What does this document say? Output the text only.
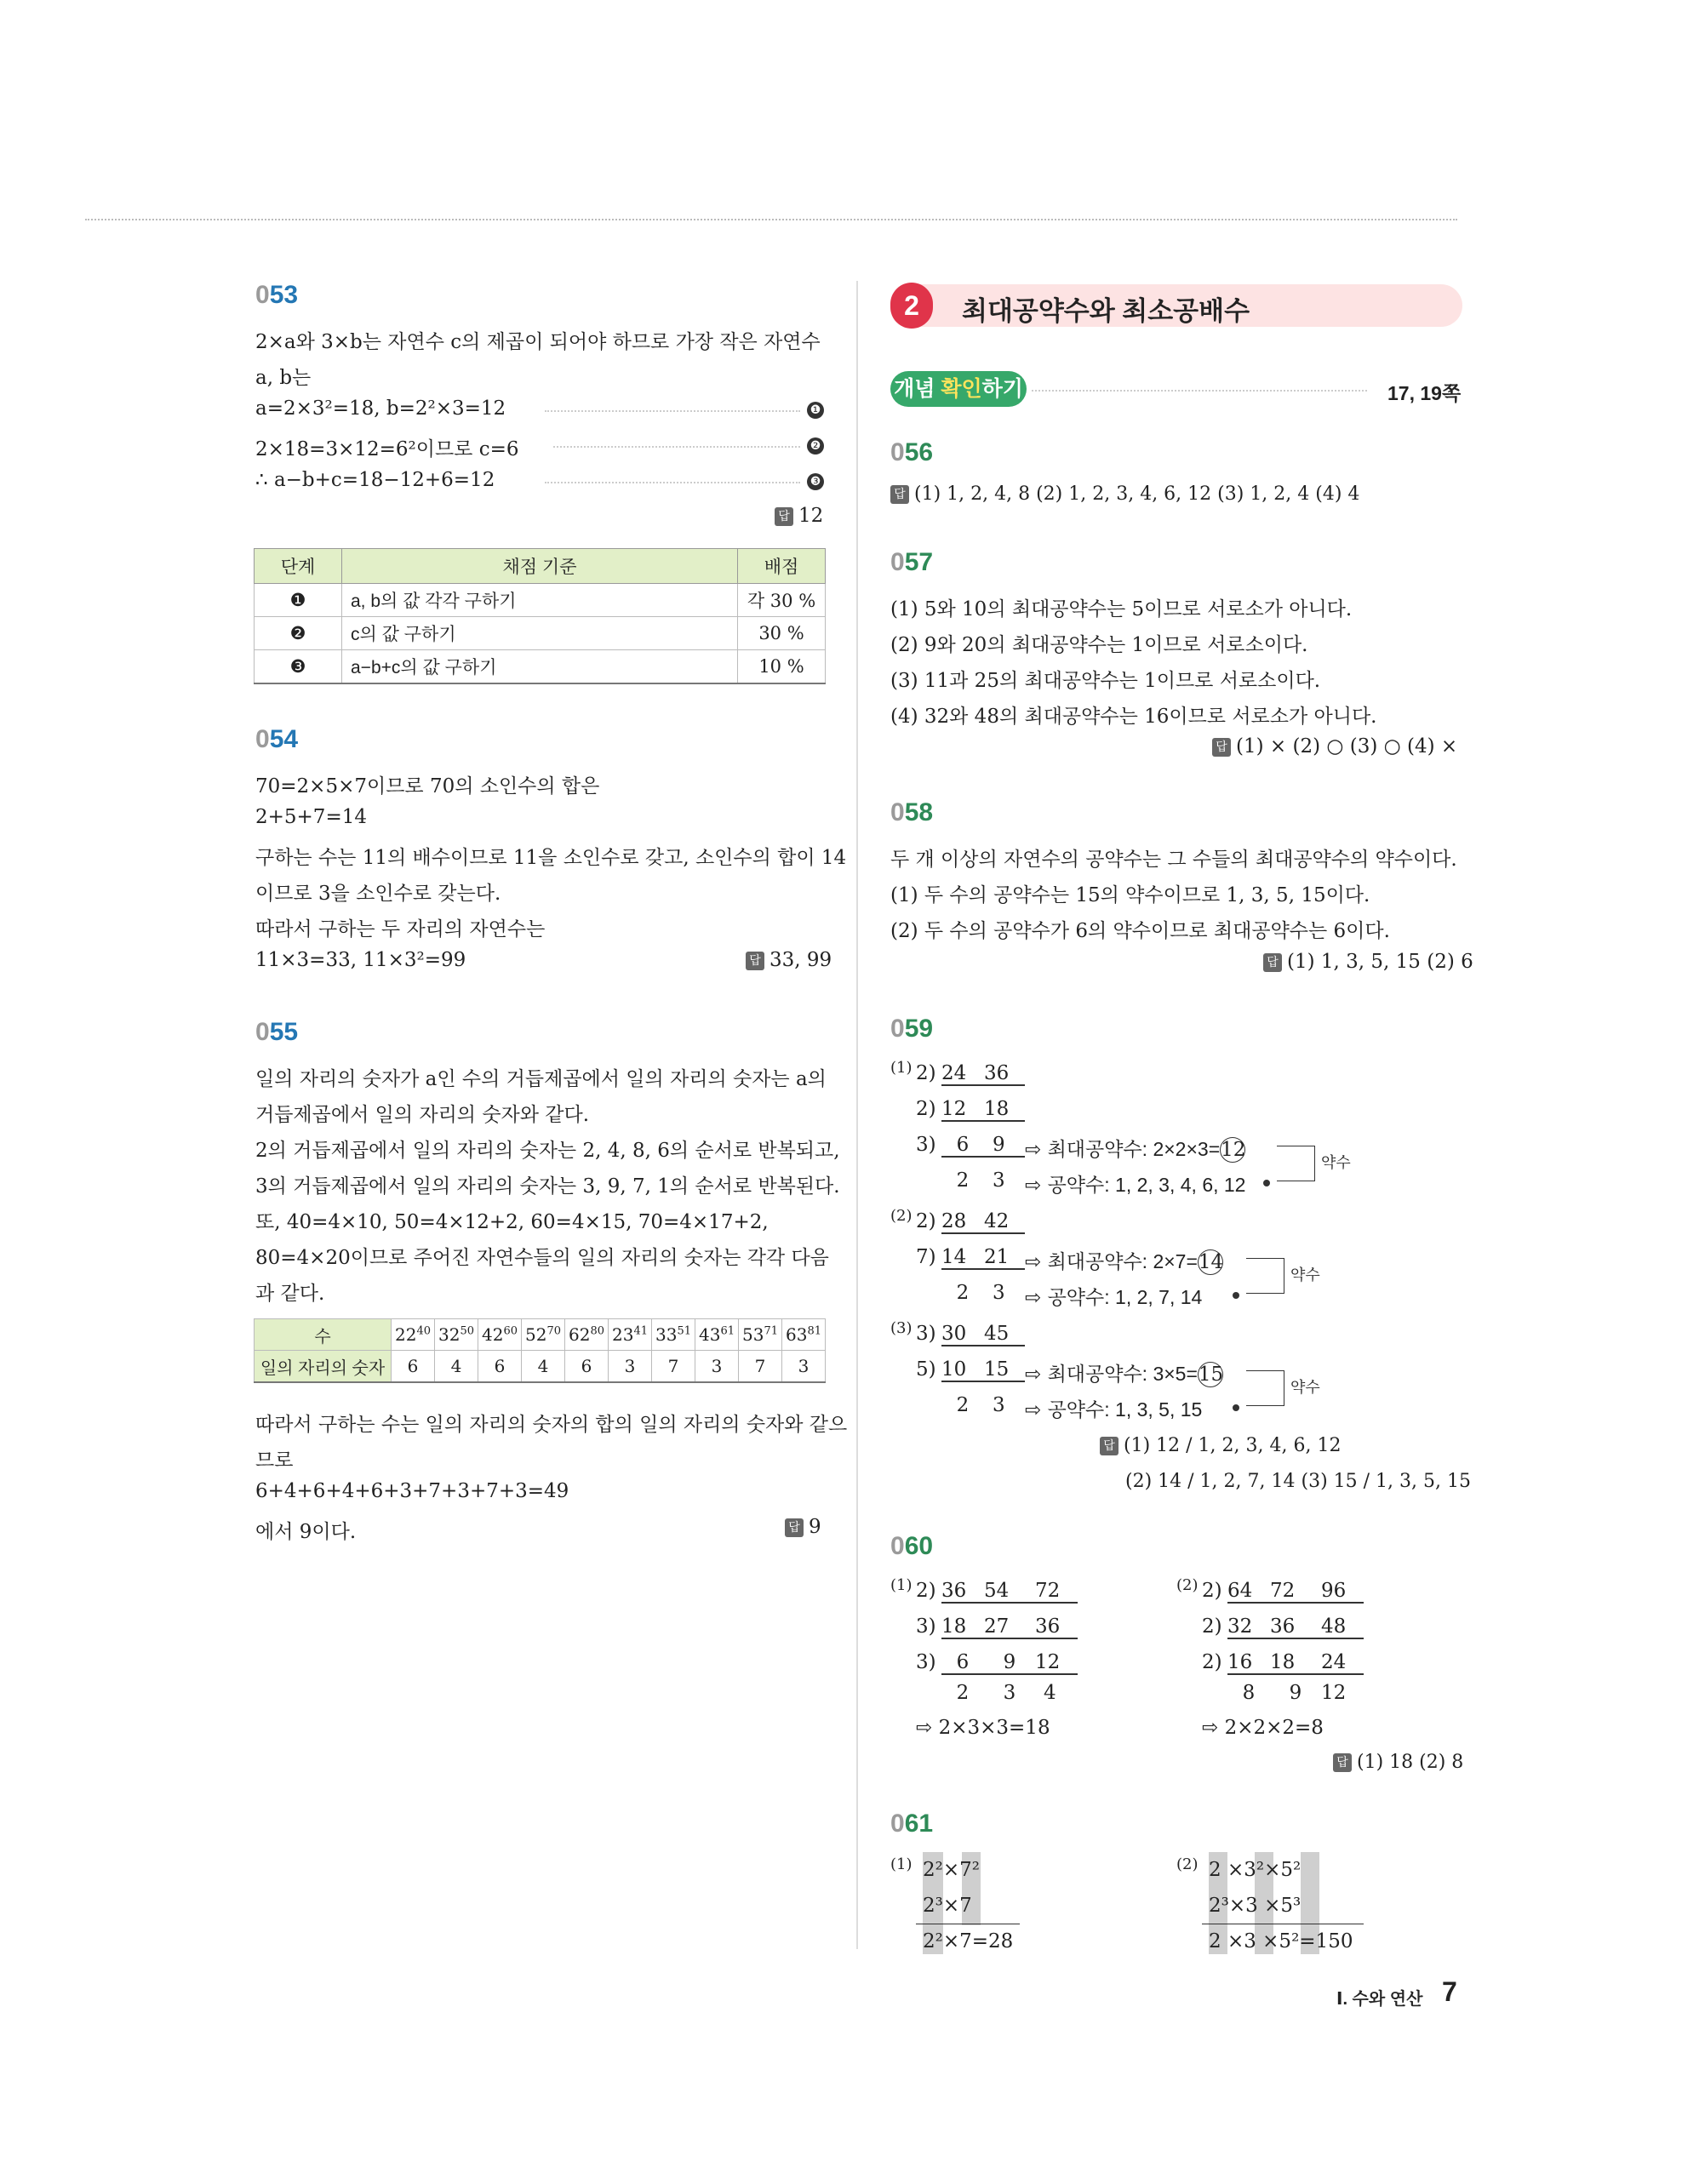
053
2×a와 3×b는 자연수 c의 제곱이 되어야 하므로 가장 작은 자연수
a, b는
a=2×3²=18, b=2²×3=12	❶
2×18=3×12=6²이므로 c=6	❷
∴ a−b+c=18−12+6=12	❸
답 12
단계	채점 기준	배점
❶	a, b의 값 각각 구하기	각 30 %
❷	c의 값 구하기	30 %
❸	a−b+c의 값 구하기	10 %
054
70=2×5×7이므로 70의 소인수의 합은
2+5+7=14
구하는 수는 11의 배수이므로 11을 소인수로 갖고, 소인수의 합이 14
이므로 3을 소인수로 갖는다.
따라서 구하는 두 자리의 자연수는
11×3=33, 11×3²=99	답 33, 99
055
일의 자리의 숫자가 a인 수의 거듭제곱에서 일의 자리의 숫자는 a의
거듭제곱에서 일의 자리의 숫자와 같다.
2의 거듭제곱에서 일의 자리의 숫자는 2, 4, 8, 6의 순서로 반복되고,
3의 거듭제곱에서 일의 자리의 숫자는 3, 9, 7, 1의 순서로 반복된다.
또, 40=4×10, 50=4×12+2, 60=4×15, 70=4×17+2,
80=4×20이므로 주어진 자연수들의 일의 자리의 숫자는 각각 다음
과 같다.
수	$22^{40}$	$32^{50}$	$42^{60}$	$52^{70}$	$62^{80}$	$23^{41}$	$33^{51}$	$43^{61}$	$53^{71}$	$63^{81}$
일의 자리의 숫자	6	4	6	4	6	3	7	3	7	3
따라서 구하는 수는 일의 자리의 숫자의 합의 일의 자리의 숫자와 같으
므로
6+4+6+4+6+3+7+3+7+3=49
에서 9이다.	답 9
2	최대공약수와 최소공배수
개념 확인하기	17, 19쪽
056
답 (1) 1, 2, 4, 8 (2) 1, 2, 3, 4, 6, 12 (3) 1, 2, 4 (4) 4
057
(1) 5와 10의 최대공약수는 5이므로 서로소가 아니다.
(2) 9와 20의 최대공약수는 1이므로 서로소이다.
(3) 11과 25의 최대공약수는 1이므로 서로소이다.
(4) 32와 48의 최대공약수는 16이므로 서로소가 아니다.
답 (1) × (2) ○ (3) ○ (4) ×
058
두 개 이상의 자연수의 공약수는 그 수들의 최대공약수의 약수이다.
(1) 두 수의 공약수는 15의 약수이므로 1, 3, 5, 15이다.
(2) 두 수의 공약수가 6의 약수이므로 최대공약수는 6이다.
답 (1) 1, 3, 5, 15 (2) 6
059
(1) 2) 24 36
2) 12 18
3) 6 9
2 3
⇨ 최대공약수: 2×2×3=12
⇨ 공약수: 1, 2, 3, 4, 6, 12
약수
(2) 2) 28 42
7) 14 21
2 3
⇨ 최대공약수: 2×7=14
⇨ 공약수: 1, 2, 7, 14
약수
(3) 3) 30 45
5) 10 15
2 3
⇨ 최대공약수: 3×5=15
⇨ 공약수: 1, 3, 5, 15
약수
답 (1) 12 / 1, 2, 3, 4, 6, 12
(2) 14 / 1, 2, 7, 14 (3) 15 / 1, 3, 5, 15
060
(1) 2) 36 54 72
3) 18 27 36
3) 6 9 12
2 3 4
⇨ 2×3×3=18
(2) 2) 64 72 96
2) 32 36 48
2) 16 18 24
8 9 12
⇨ 2×2×2=8
답 (1) 18 (2) 8
061
(1) 2²×7²
2³×7
2²×7=28
(2) 2 ×3²×5²
2³×3 ×5³
2 ×3 ×5²=150
Ⅰ. 수와 연산 7
